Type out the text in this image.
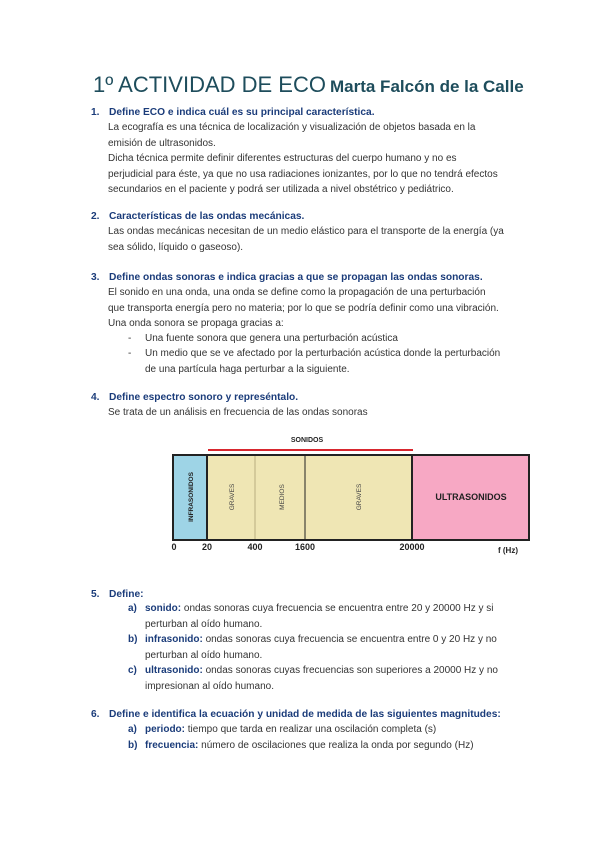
1º ACTIVIDAD DE ECO Marta Falcón de la Calle
1. Define ECO e indica cuál es su principal característica.
La ecografía es una técnica de localización y visualización de objetos basada en la
emisión de ultrasonidos.
Dicha técnica permite definir diferentes estructuras del cuerpo humano y no es
perjudicial para éste, ya que no usa radiaciones ionizantes, por lo que no tendrá efectos
secundarios en el paciente y podrá ser utilizada a nivel obstétrico y pediátrico.
2. Características de las ondas mecánicas.
Las ondas mecánicas necesitan de un medio elástico para el transporte de la energía (ya
sea sólido, líquido o gaseoso).
3. Define ondas sonoras e indica gracias a que se propagan las ondas sonoras.
El sonido en una onda, una onda se define como la propagación de una perturbación
que transporta energía pero no materia; por lo que se podría definir como una vibración.
Una onda sonora se propaga gracias a:
- Una fuente sonora que genera una perturbación acústica
- Un medio que se ve afectado por la perturbación acústica donde la perturbación
de una partícula haga perturbar a la siguiente.
4. Define espectro sonoro y represéntalo.
Se trata de un análisis en frecuencia de las ondas sonoras
SONIDOS
INFRASONIDOS	GRAVES	MEDIOS	GRAVES	ULTRASONIDOS
0	20	400	1600	20000	f (Hz)
5. Define:
a) sonido: ondas sonoras cuya frecuencia se encuentra entre 20 y 20000 Hz y si
perturban al oído humano.
b) infrasonido: ondas sonoras cuya frecuencia se encuentra entre 0 y 20 Hz y no
perturban al oído humano.
c) ultrasonido: ondas sonoras cuyas frecuencias son superiores a 20000 Hz y no
impresionan al oído humano.
6. Define e identifica la ecuación y unidad de medida de las siguientes magnitudes:
a) periodo: tiempo que tarda en realizar una oscilación completa (s)
b) frecuencia: número de oscilaciones que realiza la onda por segundo (Hz)
